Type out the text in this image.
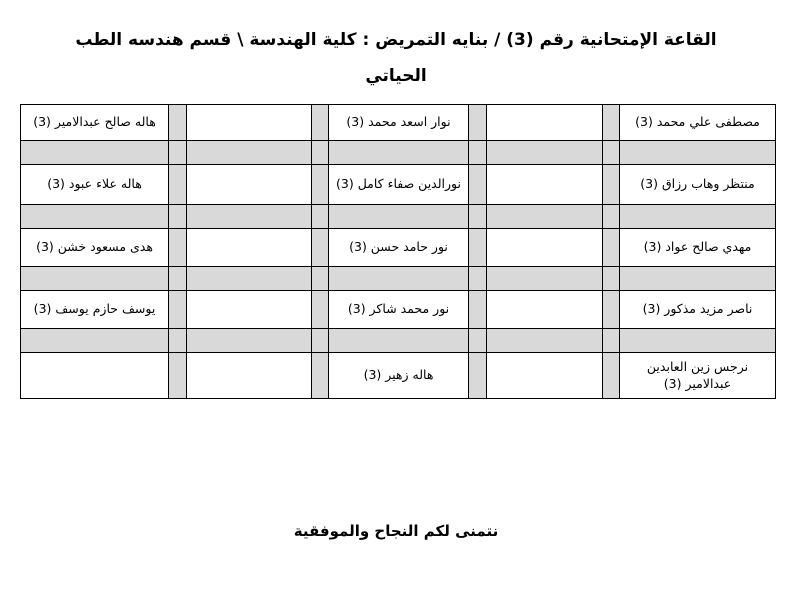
القاعة الإمتحانية رقم (3) / بنايه التمريض : كلية الهندسة \ قسم هندسه الطب الحياتي
هاله صالح عبدالامير (3)				نوار اسعد محمد (3)				مصطفى علي محمد (3)

هاله علاء عبود (3)				نورالدين صفاء كامل (3)				منتظر وهاب رزاق (3)

هدى مسعود خشن (3)				نور حامد حسن (3)				مهدي صالح عواد (3)

يوسف حازم يوسف (3)				نور محمد شاكر (3)				ناصر مزيد مذكور (3)

				هاله زهير (3)				نرجس زين العابدين عبدالامير (3)
نتمنى لكم النجاح والموفقية
